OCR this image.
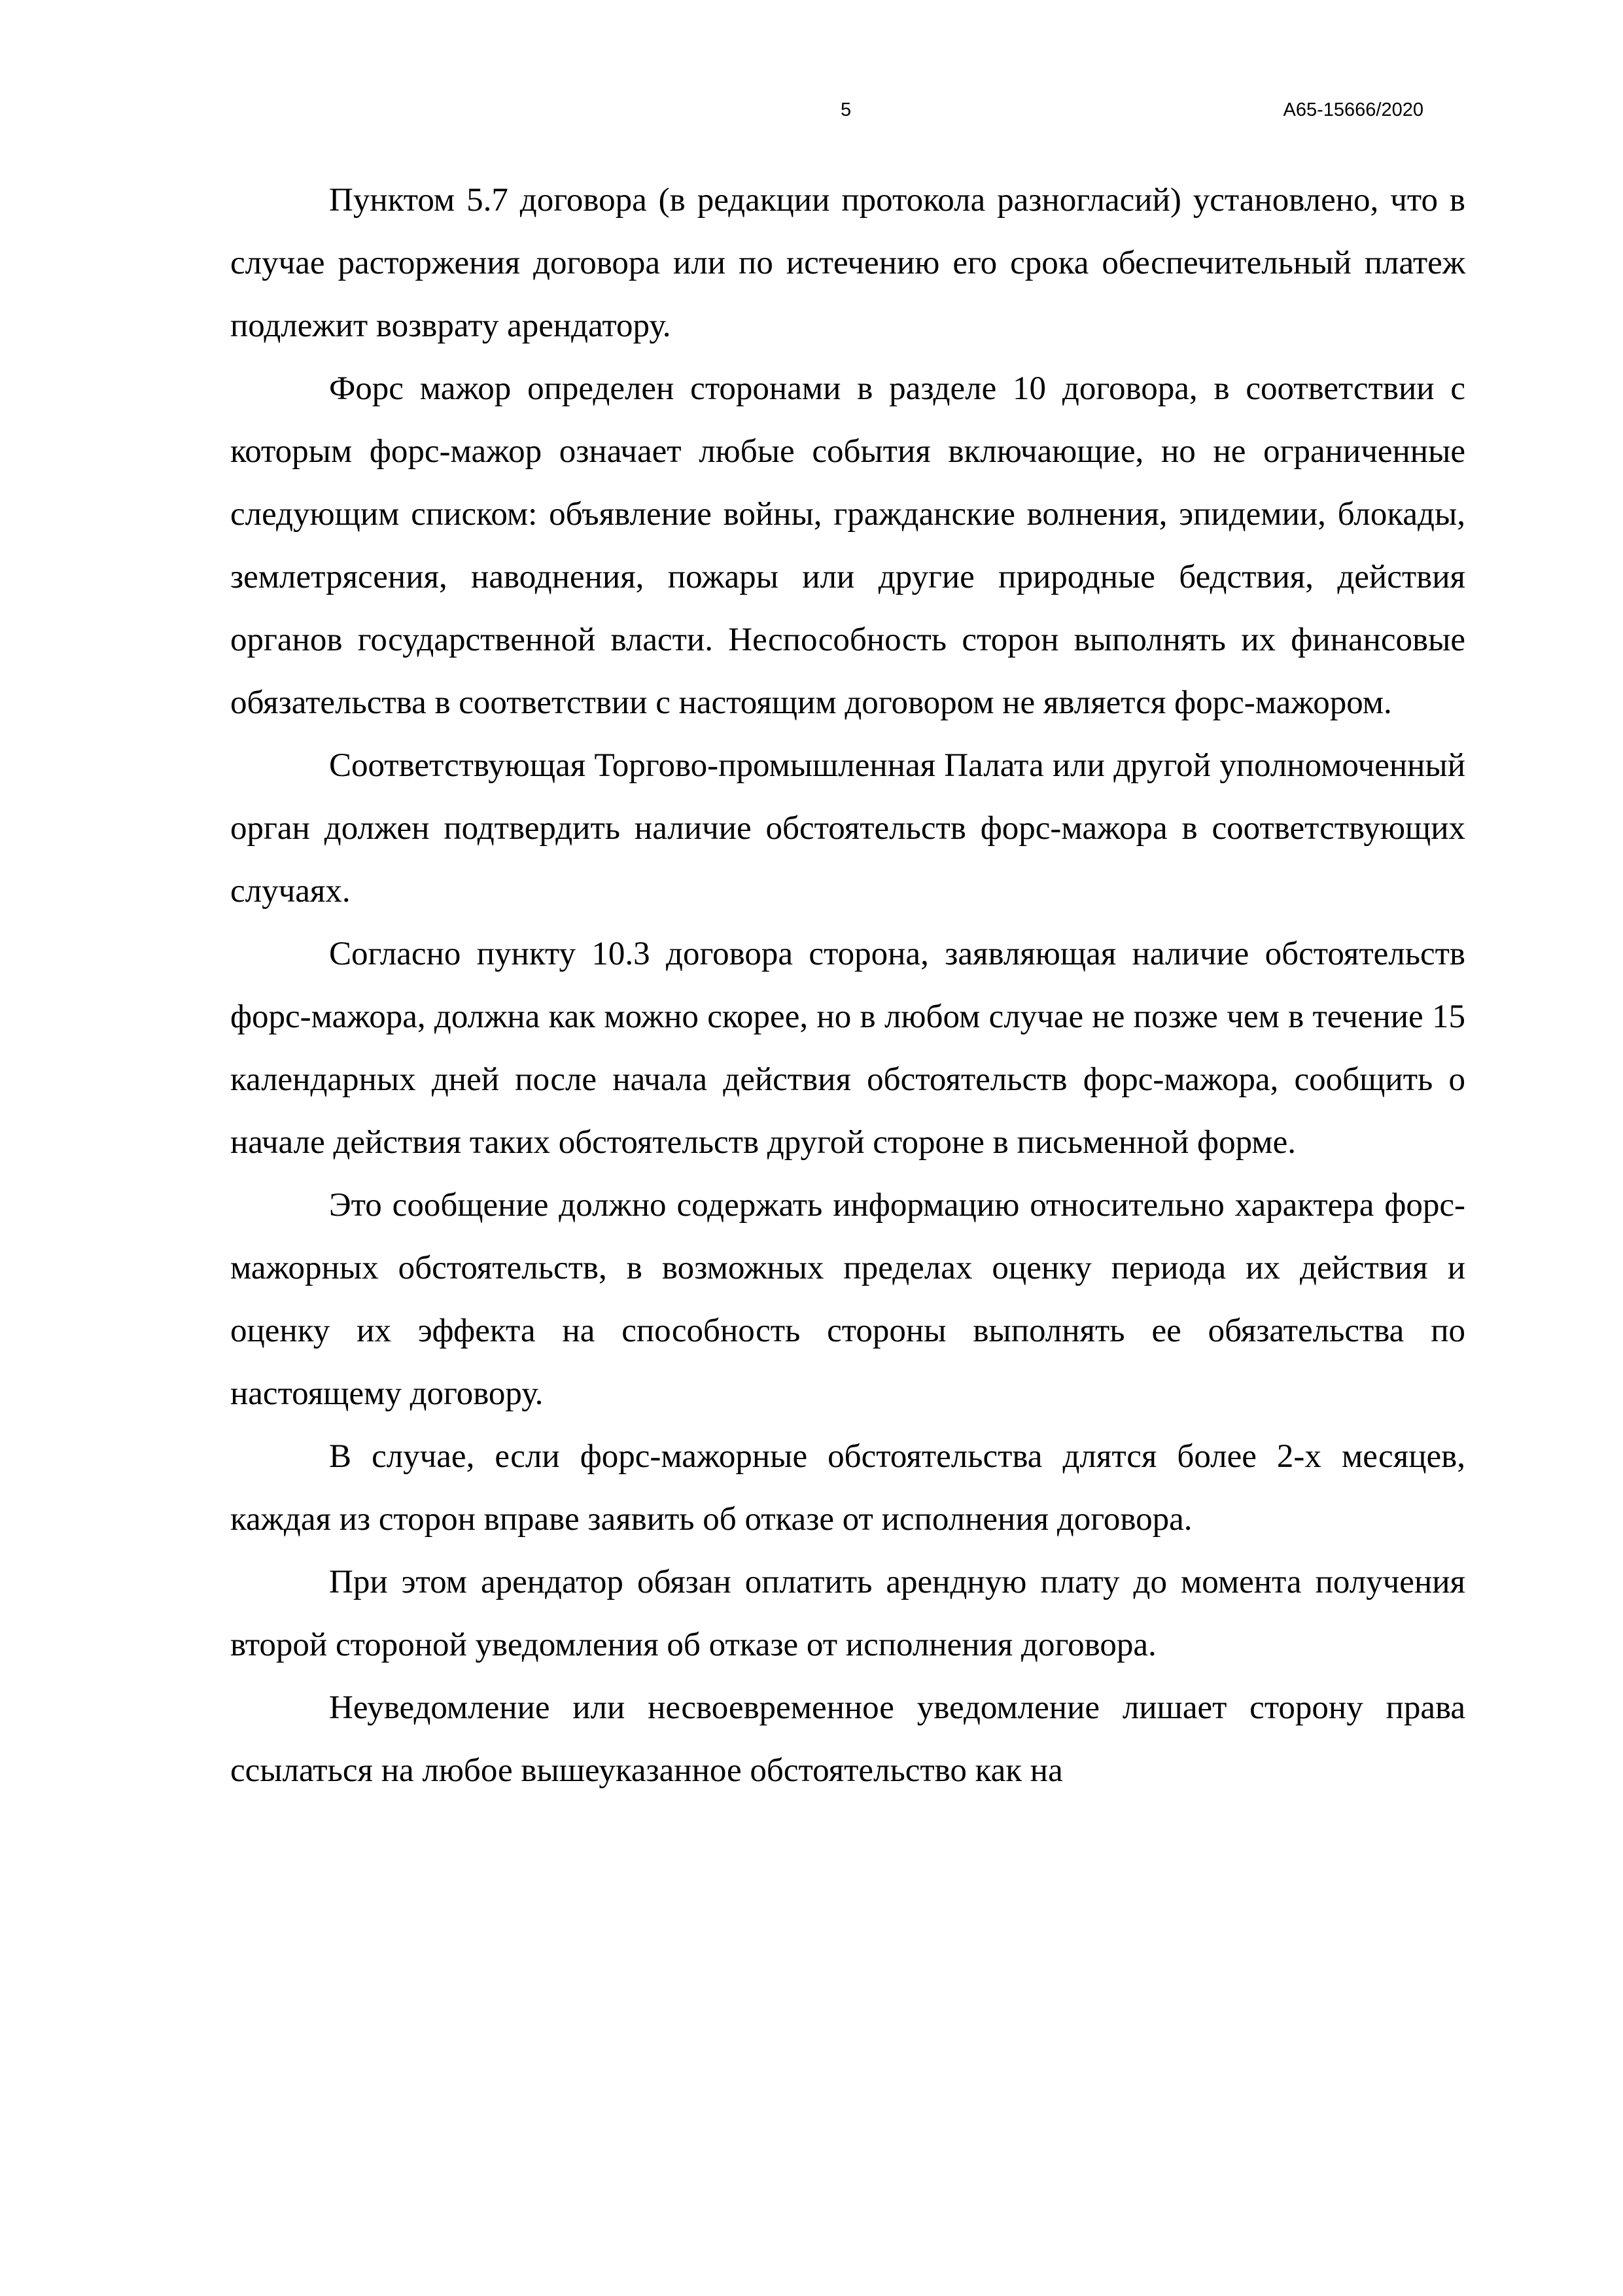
5	А65-15666/2020

Пунктом 5.7 договора (в редакции протокола разногласий) установлено, что в случае расторжения договора или по истечению его срока обеспечительный платеж подлежит возврату арендатору.

Форс мажор определен сторонами в разделе 10 договора, в соответствии с которым форс-мажор означает любые события включающие, но не ограниченные следующим списком: объявление войны, гражданские волнения, эпидемии, блокады, землетрясения, наводнения, пожары или другие природные бедствия, действия органов государственной власти. Неспособность сторон выполнять их финансовые обязательства в соответствии с настоящим договором не является форс-мажором.

Соответствующая Торгово-промышленная Палата или другой уполномоченный орган должен подтвердить наличие обстоятельств форс-мажора в соответствующих случаях.

Согласно пункту 10.3 договора сторона, заявляющая наличие обстоятельств форс-мажора, должна как можно скорее, но в любом случае не позже чем в течение 15 календарных дней после начала действия обстоятельств форс-мажора, сообщить о начале действия таких обстоятельств другой стороне в письменной форме.

Это сообщение должно содержать информацию относительно характера форс-мажорных обстоятельств, в возможных пределах оценку периода их действия и оценку их эффекта на способность стороны выполнять ее обязательства по настоящему договору.

В случае, если форс-мажорные обстоятельства длятся более 2-х месяцев, каждая из сторон вправе заявить об отказе от исполнения договора.

При этом арендатор обязан оплатить арендную плату до момента получения второй стороной уведомления об отказе от исполнения договора.

Неуведомление или несвоевременное уведомление лишает сторону права ссылаться на любое вышеуказанное обстоятельство как на
